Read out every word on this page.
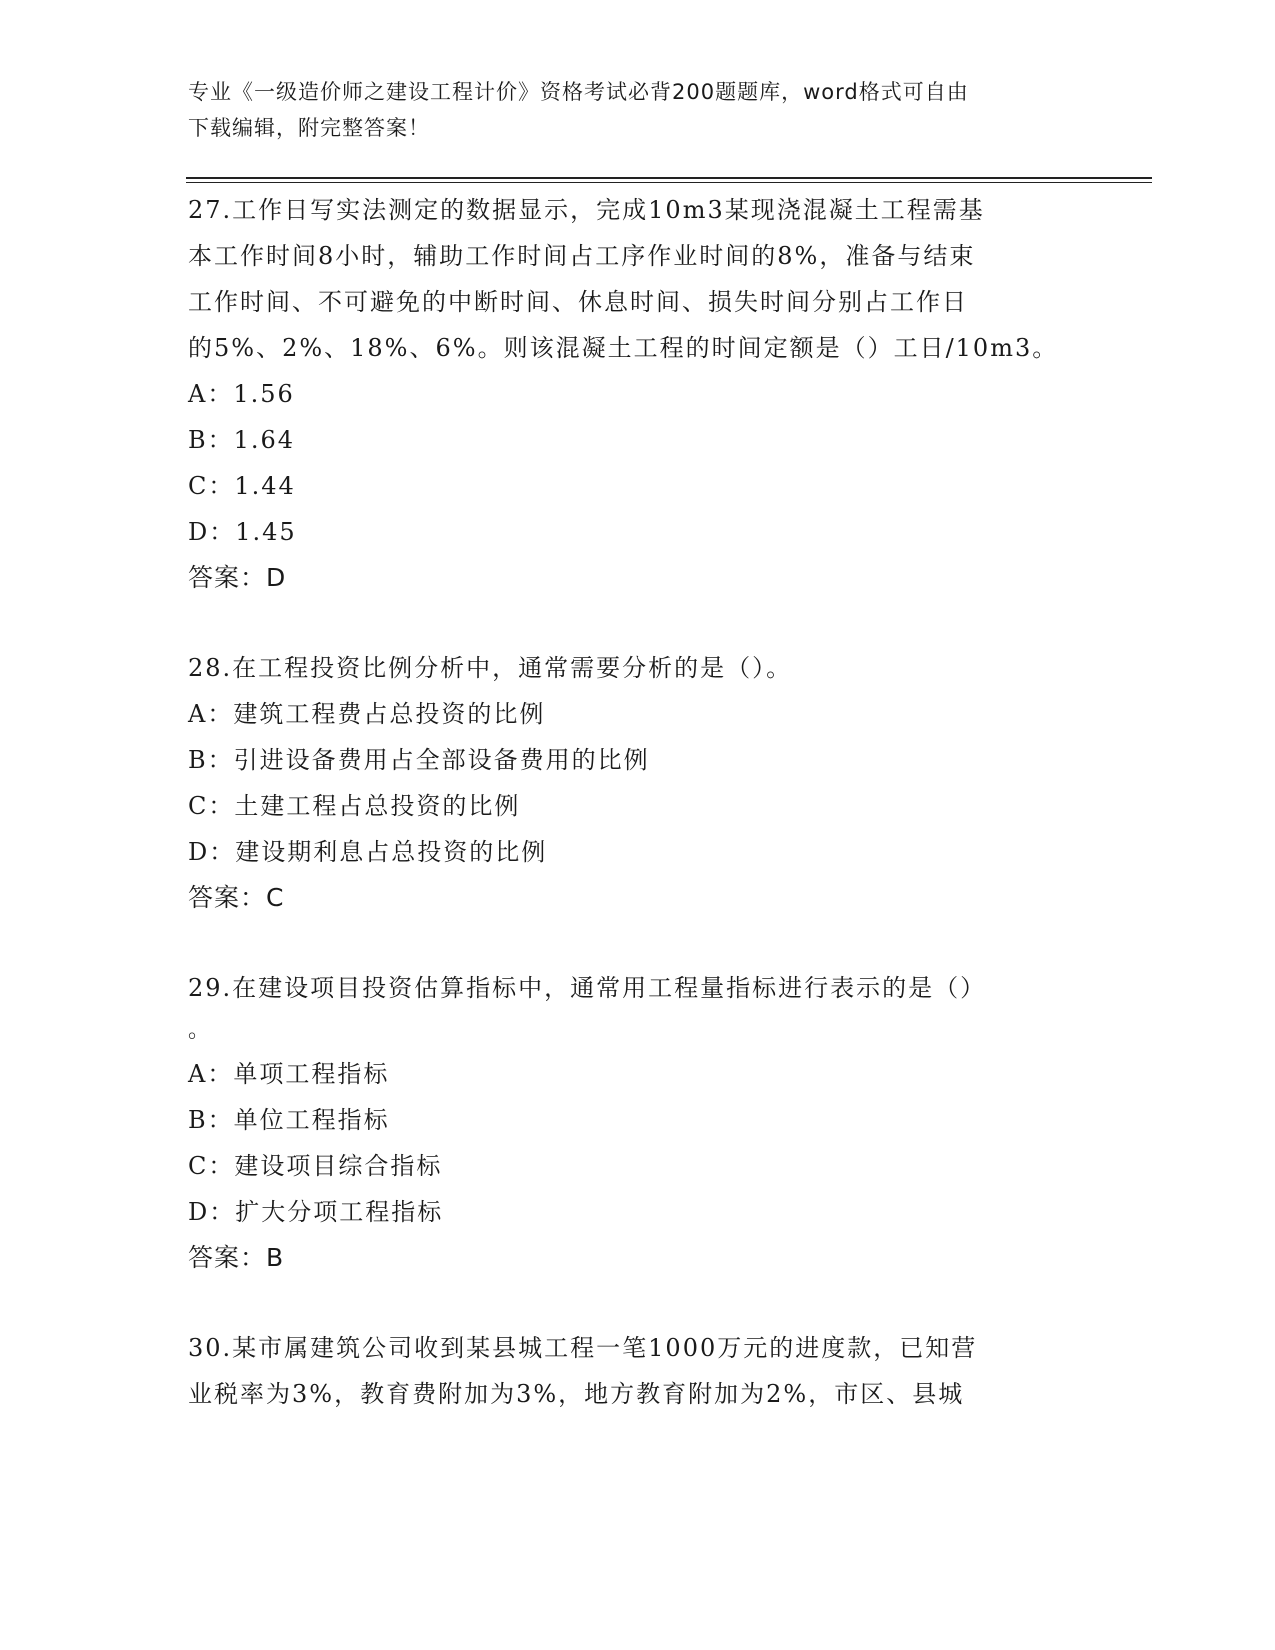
专业《一级造价师之建设工程计价》资格考试必背200题题库，word格式可自由
下载编辑，附完整答案！

27.工作日写实法测定的数据显示，完成10m3某现浇混凝土工程需基

本工作时间8小时，辅助工作时间占工序作业时间的8%，准备与结束

工作时间、不可避免的中断时间、休息时间、损失时间分别占工作日

的5%、2%、18%、6%。则该混凝土工程的时间定额是（）工日/10m3。

A：1.56

B：1.64

C：1.44

D：1.45

答案：D

28.在工程投资比例分析中，通常需要分析的是（）。

A：建筑工程费占总投资的比例

B：引进设备费用占全部设备费用的比例

C：土建工程占总投资的比例

D：建设期利息占总投资的比例

答案：C

29.在建设项目投资估算指标中，通常用工程量指标进行表示的是（）

。

A：单项工程指标

B：单位工程指标

C：建设项目综合指标

D：扩大分项工程指标

答案：B

30.某市属建筑公司收到某县城工程一笔1000万元的进度款，已知营

业税率为3%，教育费附加为3%，地方教育附加为2%，市区、县城
